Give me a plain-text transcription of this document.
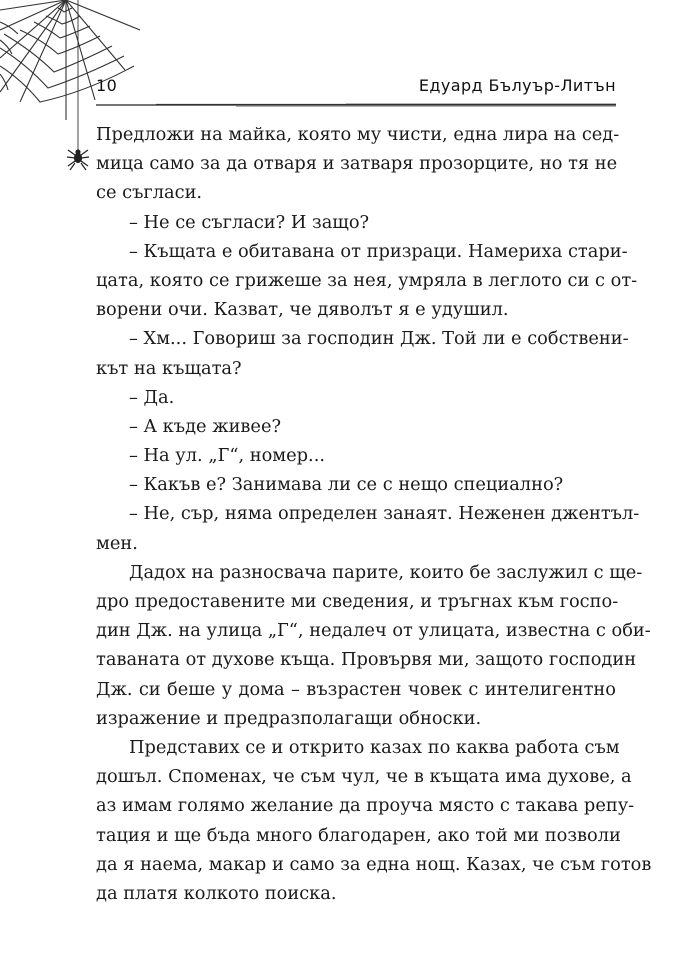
10	Едуард Бълуър-Литън
Предложи на майка, която му чисти, една лира на сед-
мица само за да отваря и затваря прозорците, но тя не
се съгласи.
– Не се съгласи? И защо?
– Къщата е обитавана от призраци. Намериха стари-
цата, която се грижеше за нея, умряла в леглото си с от-
ворени очи. Казват, че дяволът я е удушил.
– Хм... Говориш за господин Дж. Той ли е собствени-
кът на къщата?
– Да.
– А къде живее?
– На ул. „Г“, номер...
– Какъв е? Занимава ли се с нещо специално?
– Не, сър, няма определен занаят. Неженен джентъл-
мен.
Дадох на разносвача парите, които бе заслужил с ще-
дро предоставените ми сведения, и тръгнах към госпо-
дин Дж. на улица „Г“, недалеч от улицата, известна с оби-
таваната от духове къща. Провървя ми, защото господин
Дж. си беше у дома – възрастен човек с интелигентно
изражение и предразполагащи обноски.
Представих се и открито казах по каква работа съм
дошъл. Споменах, че съм чул, че в къщата има духове, а
аз имам голямо желание да проуча място с такава репу-
тация и ще бъда много благодарен, ако той ми позволи
да я наема, макар и само за една нощ. Казах, че съм готов
да платя колкото поиска.
